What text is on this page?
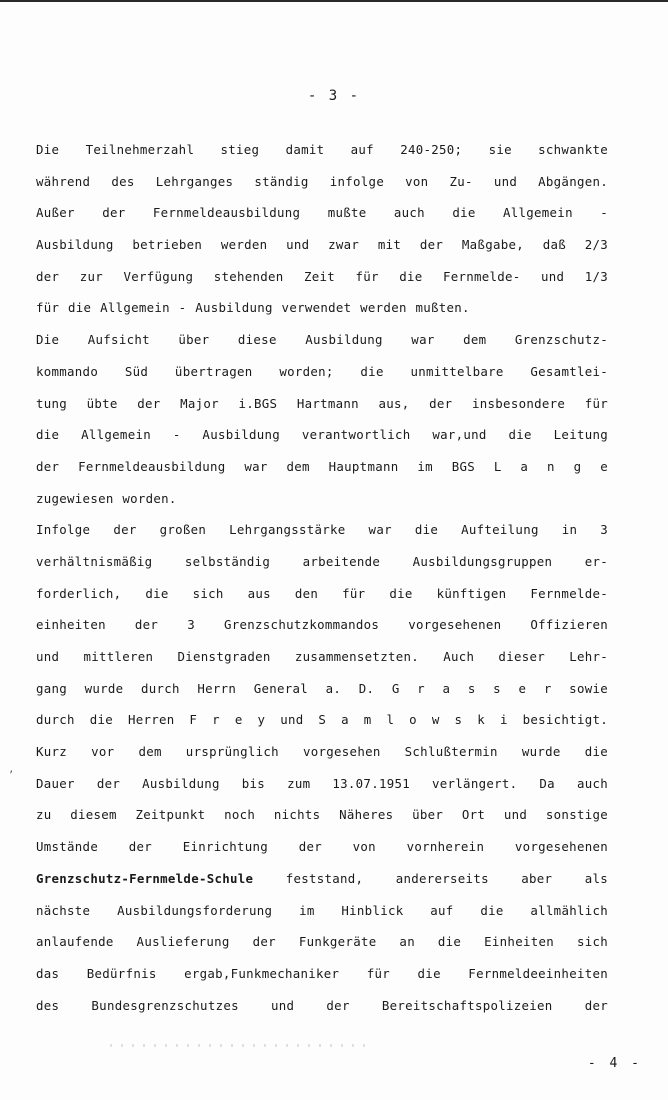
- 3 -
Die Teilnehmerzahl stieg damit auf 240-250; sie schwankte
während des Lehrganges ständig infolge von Zu- und Abgängen.
Außer der Fernmeldeausbildung mußte auch die Allgemein -
Ausbildung betrieben werden und zwar mit der Maßgabe, daß 2/3
der zur Verfügung stehenden Zeit für die Fernmelde- und 1/3
für die Allgemein - Ausbildung verwendet werden mußten.
Die Aufsicht über diese Ausbildung war dem Grenzschutz-
kommando Süd übertragen worden; die unmittelbare Gesamtlei-
tung übte der Major i.BGS Hartmann aus, der insbesondere für
die Allgemein - Ausbildung verantwortlich war,und die Leitung
der Fernmeldeausbildung war dem Hauptmann im BGS L a n g e
zugewiesen worden.
Infolge der großen Lehrgangsstärke war die Aufteilung in 3
verhältnismäßig selbständig arbeitende Ausbildungsgruppen er-
forderlich, die sich aus den für die künftigen Fernmelde-
einheiten der 3 Grenzschutzkommandos vorgesehenen Offizieren
und mittleren Dienstgraden zusammensetzten. Auch dieser Lehr-
gang wurde durch Herrn General a. D. G r a s s e r sowie
durch die Herren F r e y und S a m l o w s k i besichtigt.
Kurz vor dem ursprünglich vorgesehen Schlußtermin wurde die
Dauer der Ausbildung bis zum 13.07.1951 verlängert. Da auch
zu diesem Zeitpunkt noch nichts Näheres über Ort und sonstige
Umstände der Einrichtung der von vornherein vorgesehenen
Grenzschutz-Fernmelde-Schule feststand, andererseits aber als
nächste Ausbildungsforderung im Hinblick auf die allmählich
anlaufende Auslieferung der Funkgeräte an die Einheiten sich
das Bedürfnis ergab,Funkmechaniker für die Fernmeldeeinheiten
des Bundesgrenzschutzes und der Bereitschaftspolizeien der
’
- 4 -
